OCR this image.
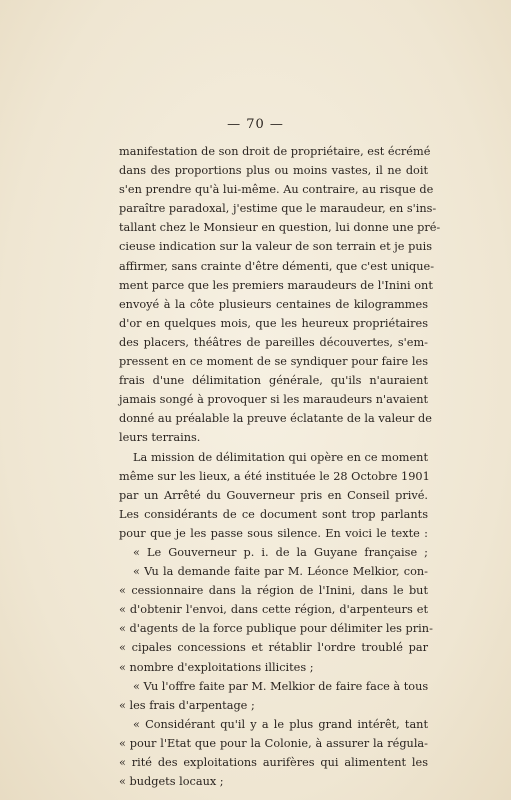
— 70 —
manifestation de son droit de propriétaire, est écrémé
dans des proportions plus ou moins vastes, il ne doit
s'en prendre qu'à lui-même. Au contraire, au risque de
paraître paradoxal, j'estime que le maraudeur, en s'ins-
tallant chez le Monsieur en question, lui donne une pré-
cieuse indication sur la valeur de son terrain et je puis
affirmer, sans crainte d'être démenti, que c'est unique-
ment parce que les premiers maraudeurs de l'Inini ont
envoyé à la côte plusieurs centaines de kilogrammes
d'or en quelques mois, que les heureux propriétaires
des placers, théâtres de pareilles découvertes, s'em-
pressent en ce moment de se syndiquer pour faire les
frais d'une délimitation générale, qu'ils n'auraient
jamais songé à provoquer si les maraudeurs n'avaient
donné au préalable la preuve éclatante de la valeur de
leurs terrains.
La mission de délimitation qui opère en ce moment
même sur les lieux, a été instituée le 28 Octobre 1901
par un Arrêté du Gouverneur pris en Conseil privé.
Les considérants de ce document sont trop parlants
pour que je les passe sous silence. En voici le texte :
« Le Gouverneur p. i. de la Guyane française ;
« Vu la demande faite par M. Léonce Melkior, con-
« cessionnaire dans la région de l'Inini, dans le but
« d'obtenir l'envoi, dans cette région, d'arpenteurs et
« d'agents de la force publique pour délimiter les prin-
« cipales concessions et rétablir l'ordre troublé par
« nombre d'exploitations illicites ;
« Vu l'offre faite par M. Melkior de faire face à tous
« les frais d'arpentage ;
« Considérant qu'il y a le plus grand intérêt, tant
« pour l'Etat que pour la Colonie, à assurer la régula-
« rité des exploitations aurifères qui alimentent les
« budgets locaux ;
